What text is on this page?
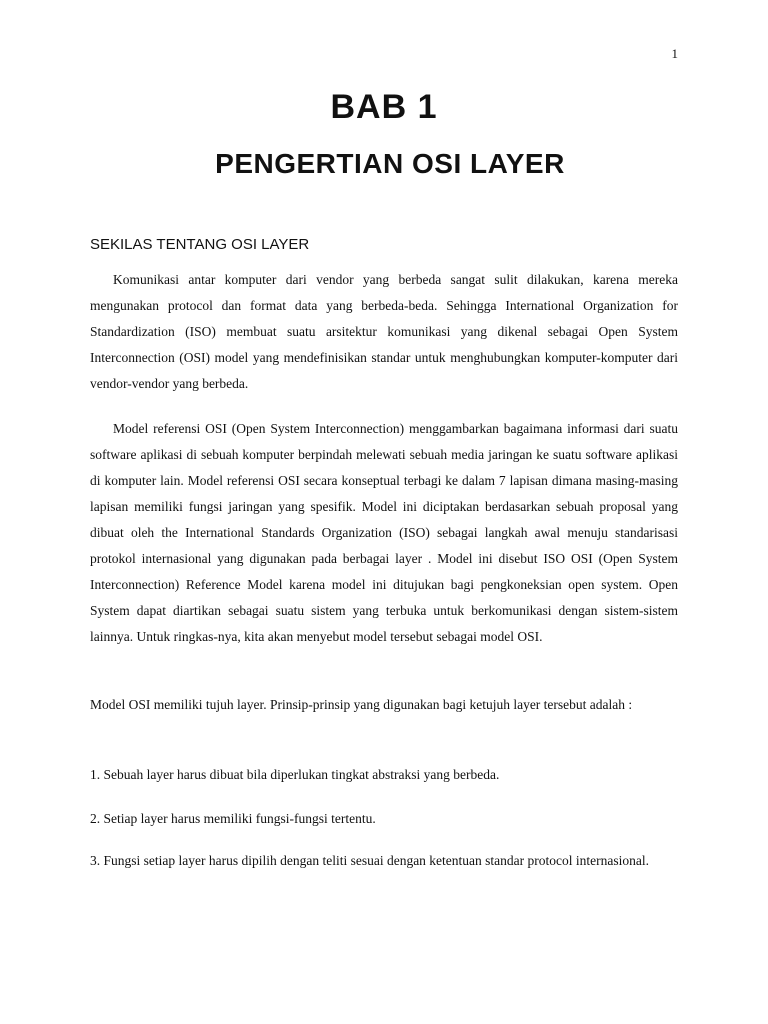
1
BAB 1
PENGERTIAN OSI LAYER
SEKILAS TENTANG OSI LAYER

Komunikasi antar komputer dari vendor yang berbeda sangat sulit dilakukan, karena mereka mengunakan protocol dan format data yang berbeda-beda. Sehingga International Organization for Standardization (ISO) membuat suatu arsitektur komunikasi yang dikenal sebagai Open System Interconnection (OSI) model yang mendefinisikan standar untuk menghubungkan komputer-komputer dari vendor-vendor yang berbeda.

Model referensi OSI (Open System Interconnection) menggambarkan bagaimana informasi dari suatu software aplikasi di sebuah komputer berpindah melewati sebuah media jaringan ke suatu software aplikasi di komputer lain. Model referensi OSI secara konseptual terbagi ke dalam 7 lapisan dimana masing-masing lapisan memiliki fungsi jaringan yang spesifik. Model ini diciptakan berdasarkan sebuah proposal yang dibuat oleh the International Standards Organization (ISO) sebagai langkah awal menuju standarisasi protokol internasional yang digunakan pada berbagai layer . Model ini disebut ISO OSI (Open System Interconnection) Reference Model karena model ini ditujukan bagi pengkoneksian open system. Open System dapat diartikan sebagai suatu sistem yang terbuka untuk berkomunikasi dengan sistem-sistem lainnya. Untuk ringkas-nya, kita akan menyebut model tersebut sebagai model OSI.

Model OSI memiliki tujuh layer. Prinsip-prinsip yang digunakan bagi ketujuh layer tersebut adalah :

1. Sebuah layer harus dibuat bila diperlukan tingkat abstraksi yang berbeda.

2. Setiap layer harus memiliki fungsi-fungsi tertentu.

3. Fungsi setiap layer harus dipilih dengan teliti sesuai dengan ketentuan standar protocol internasional.
